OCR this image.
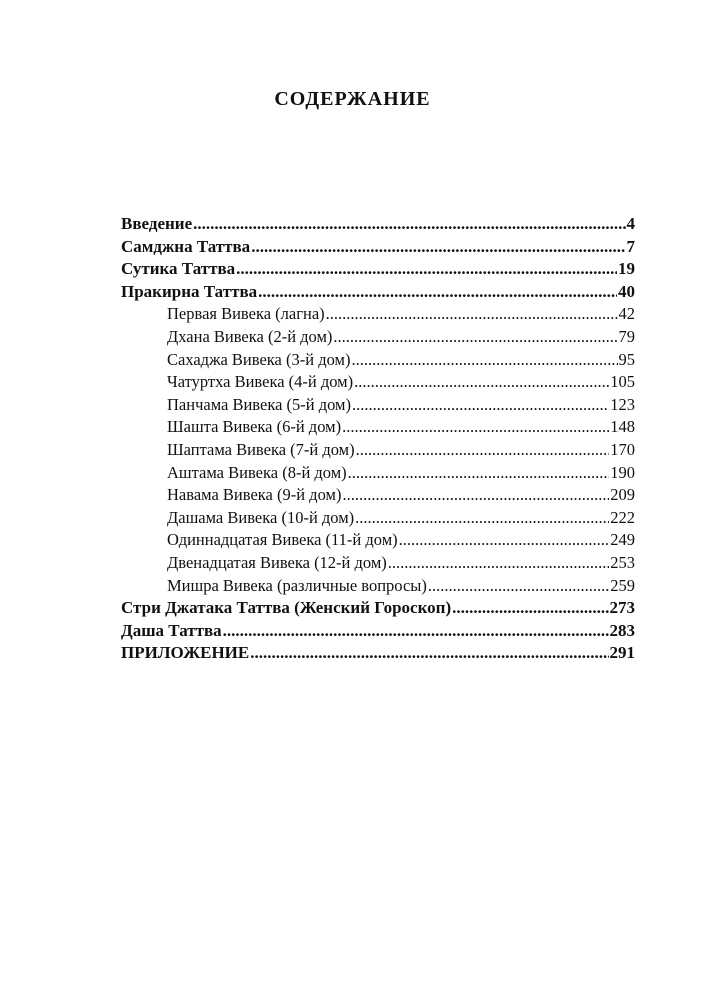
СОДЕРЖАНИЕ
Введение .....	4
Самджна Таттва .....	7
Сутика Таттва .....	19
Пракирна Таттва .....	40
Первая Вивека (лагна) .....	42
Дхана Вивека (2-й дом) .....	79
Сахаджа Вивека (3-й дом) .....	95
Чатуртха Вивека (4-й дом) .....	105
Панчама Вивека (5-й дом) .....	123
Шашта Вивека (6-й дом) .....	148
Шаптама Вивека (7-й дом) .....	170
Аштама Вивека (8-й дом) .....	190
Навама Вивека (9-й дом) .....	209
Дашама Вивека (10-й дом) .....	222
Одиннадцатая Вивека (11-й дом) .....	249
Двенадцатая Вивека (12-й дом) .....	253
Мишра Вивека (различные вопросы) .....	259
Стри Джатака Таттва (Женский Гороскоп) .....	273
Даша Таттва .....	283
ПРИЛОЖЕНИЕ .....	291
